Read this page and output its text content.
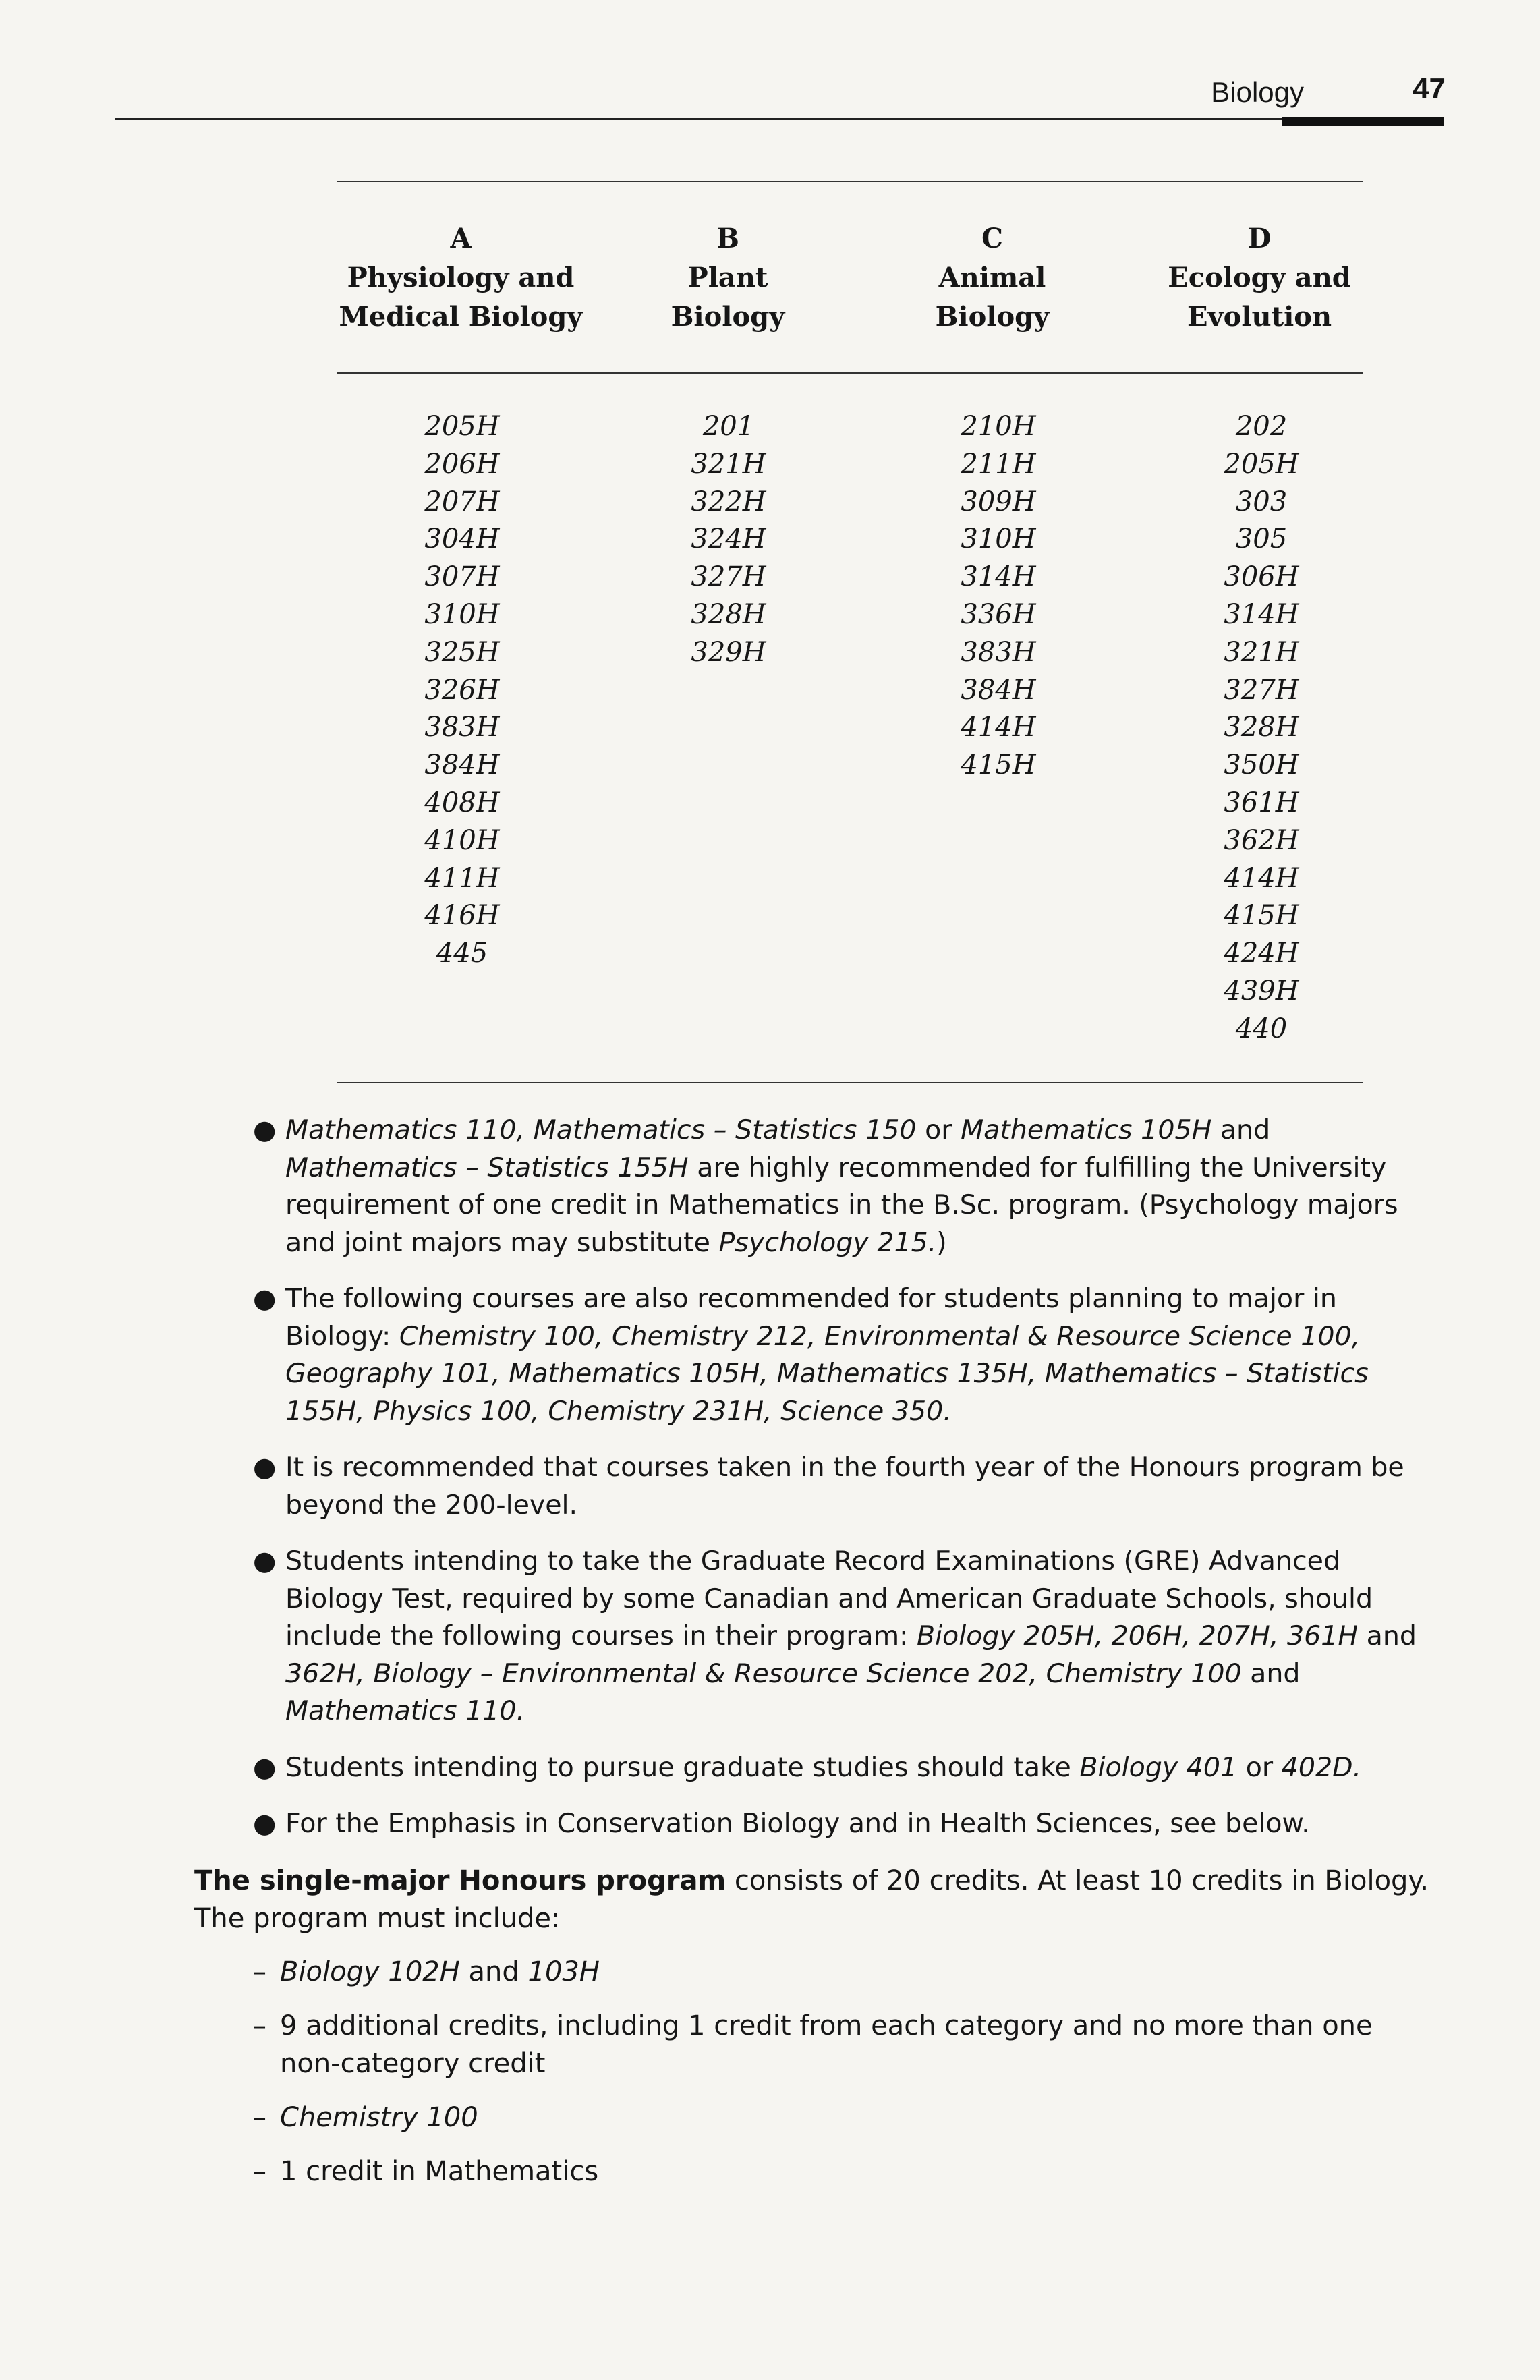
Biology	47
A
Physiology and
Medical Biology
B
Plant
Biology
C
Animal
Biology
D
Ecology and
Evolution
205H
206H
207H
304H
307H
310H
325H
326H
383H
384H
408H
410H
411H
416H
445
201
321H
322H
324H
327H
328H
329H
210H
211H
309H
310H
314H
336H
383H
384H
414H
415H
202
205H
303
305
306H
314H
321H
327H
328H
350H
361H
362H
414H
415H
424H
439H
440
● Mathematics 110, Mathematics – Statistics 150 or Mathematics 105H and Mathematics – Statistics 155H are highly recommended for fulfilling the University requirement of one credit in Mathematics in the B.Sc. program. (Psychology majors and joint majors may substitute Psychology 215.)
● The following courses are also recommended for students planning to major in Biology: Chemistry 100, Chemistry 212, Environmental & Resource Science 100, Geography 101, Mathematics 105H, Mathematics 135H, Mathematics – Statistics 155H, Physics 100, Chemistry 231H, Science 350.
● It is recommended that courses taken in the fourth year of the Honours program be beyond the 200-level.
● Students intending to take the Graduate Record Examinations (GRE) Advanced Biology Test, required by some Canadian and American Graduate Schools, should include the following courses in their program: Biology 205H, 206H, 207H, 361H and 362H, Biology – Environmental & Resource Science 202, Chemistry 100 and Mathematics 110.
● Students intending to pursue graduate studies should take Biology 401 or 402D.
● For the Emphasis in Conservation Biology and in Health Sciences, see below.

The single-major Honours program consists of 20 credits. At least 10 credits in Biology. The program must include:

– Biology 102H and 103H
– 9 additional credits, including 1 credit from each category and no more than one non-category credit
– Chemistry 100
– 1 credit in Mathematics
